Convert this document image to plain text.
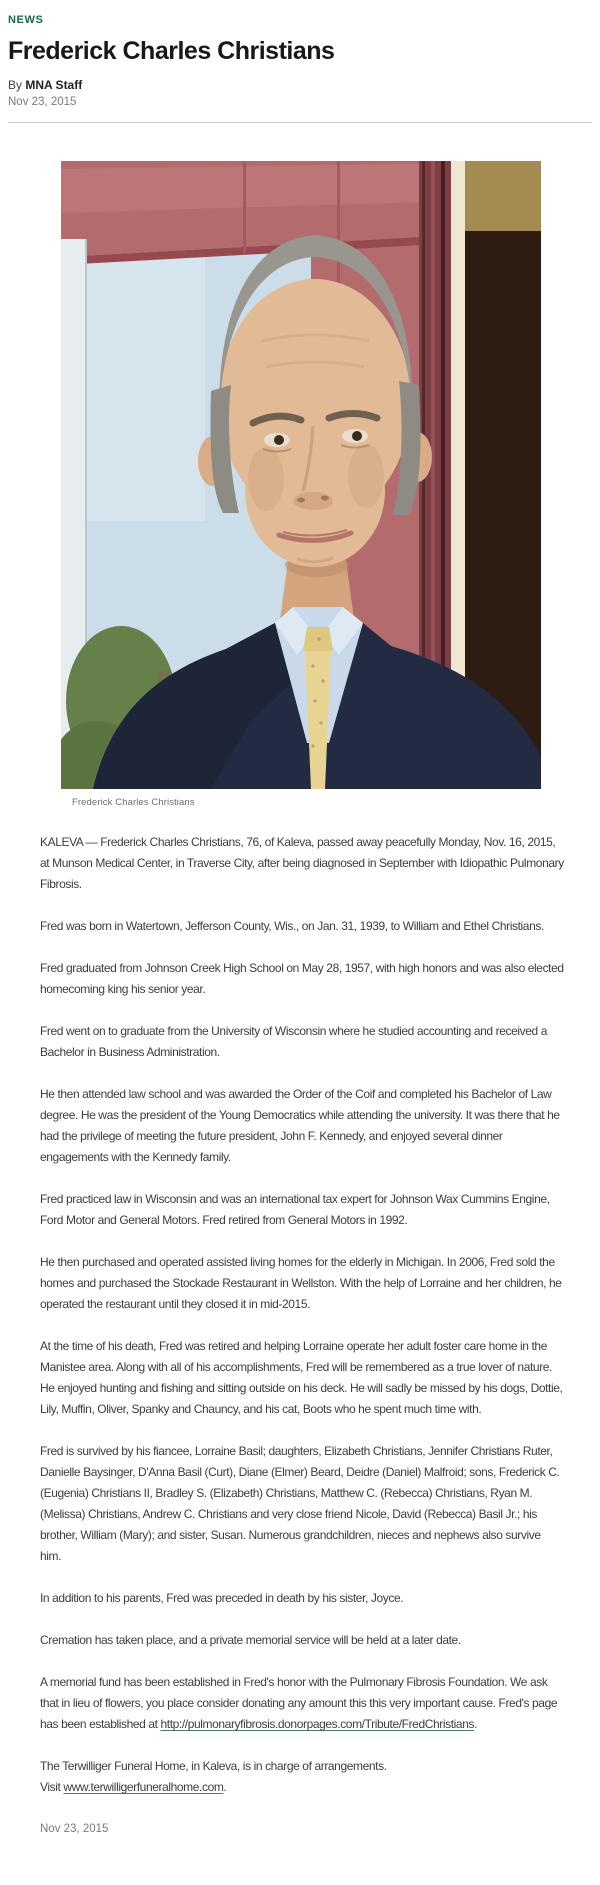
NEWS
Frederick Charles Christians
By MNA Staff
Nov 23, 2015
Frederick Charles Christians

KALEVA — Frederick Charles Christians, 76, of Kaleva, passed away peacefully Monday, Nov. 16, 2015, at Munson Medical Center, in Traverse City, after being diagnosed in September with Idiopathic Pulmonary Fibrosis.

Fred was born in Watertown, Jefferson County, Wis., on Jan. 31, 1939, to William and Ethel Christians.

Fred graduated from Johnson Creek High School on May 28, 1957, with high honors and was also elected homecoming king his senior year.

Fred went on to graduate from the University of Wisconsin where he studied accounting and received a Bachelor in Business Administration.

He then attended law school and was awarded the Order of the Coif and completed his Bachelor of Law degree. He was the president of the Young Democratics while attending the university. It was there that he had the privilege of meeting the future president, John F. Kennedy, and enjoyed several dinner engagements with the Kennedy family.

Fred practiced law in Wisconsin and was an international tax expert for Johnson Wax Cummins Engine, Ford Motor and General Motors. Fred retired from General Motors in 1992.

He then purchased and operated assisted living homes for the elderly in Michigan. In 2006, Fred sold the homes and purchased the Stockade Restaurant in Wellston. With the help of Lorraine and her children, he operated the restaurant until they closed it in mid-2015.

At the time of his death, Fred was retired and helping Lorraine operate her adult foster care home in the Manistee area. Along with all of his accomplishments, Fred will be remembered as a true lover of nature. He enjoyed hunting and fishing and sitting outside on his deck. He will sadly be missed by his dogs, Dottie, Lily, Muffin, Oliver, Spanky and Chauncy, and his cat, Boots who he spent much time with.

Fred is survived by his fiancee, Lorraine Basil; daughters, Elizabeth Christians, Jennifer Christians Ruter, Danielle Baysinger, D'Anna Basil (Curt), Diane (Elmer) Beard, Deidre (Daniel) Malfroid; sons, Frederick C. (Eugenia) Christians II, Bradley S. (Elizabeth) Christians, Matthew C. (Rebecca) Christians, Ryan M. (Melissa) Christians, Andrew C. Christians and very close friend Nicole, David (Rebecca) Basil Jr.; his brother, William (Mary); and sister, Susan. Numerous grandchildren, nieces and nephews also survive him.

In addition to his parents, Fred was preceded in death by his sister, Joyce.

Cremation has taken place, and a private memorial service will be held at a later date.

A memorial fund has been established in Fred's honor with the Pulmonary Fibrosis Foundation. We ask that in lieu of flowers, you place consider donating any amount this this very important cause. Fred's page has been established at http://pulmonaryfibrosis.donorpages.com/Tribute/FredChristians.

The Terwilliger Funeral Home, in Kaleva, is in charge of arrangements.
Visit www.terwilligerfuneralhome.com.

Nov 23, 2015
